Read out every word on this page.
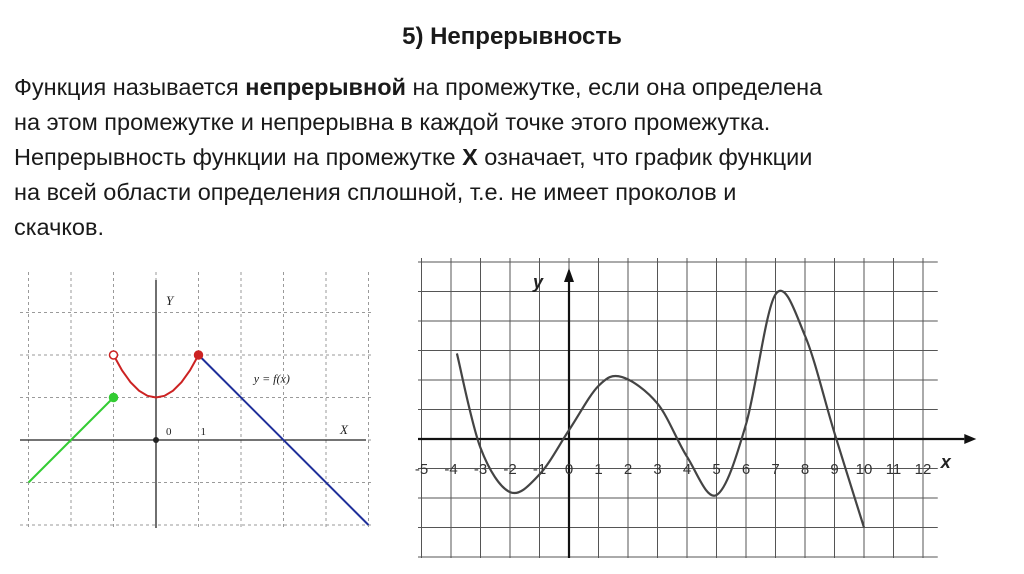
5) Непрерывность
Функция называется непрерывной на промежутке, если она определена
на этом промежутке и непрерывна в каждой точке этого промежутка.
Непрерывность функции на промежутке Х означает, что график функции
на всей области определения сплошной, т.е. не имеет проколов и
скачков.
Y
X
0	1
y = f(x)
y
x
-5 -4 -3 -2 -1 0 1 2 3 4 5 6 7 8 9 10 11 12
